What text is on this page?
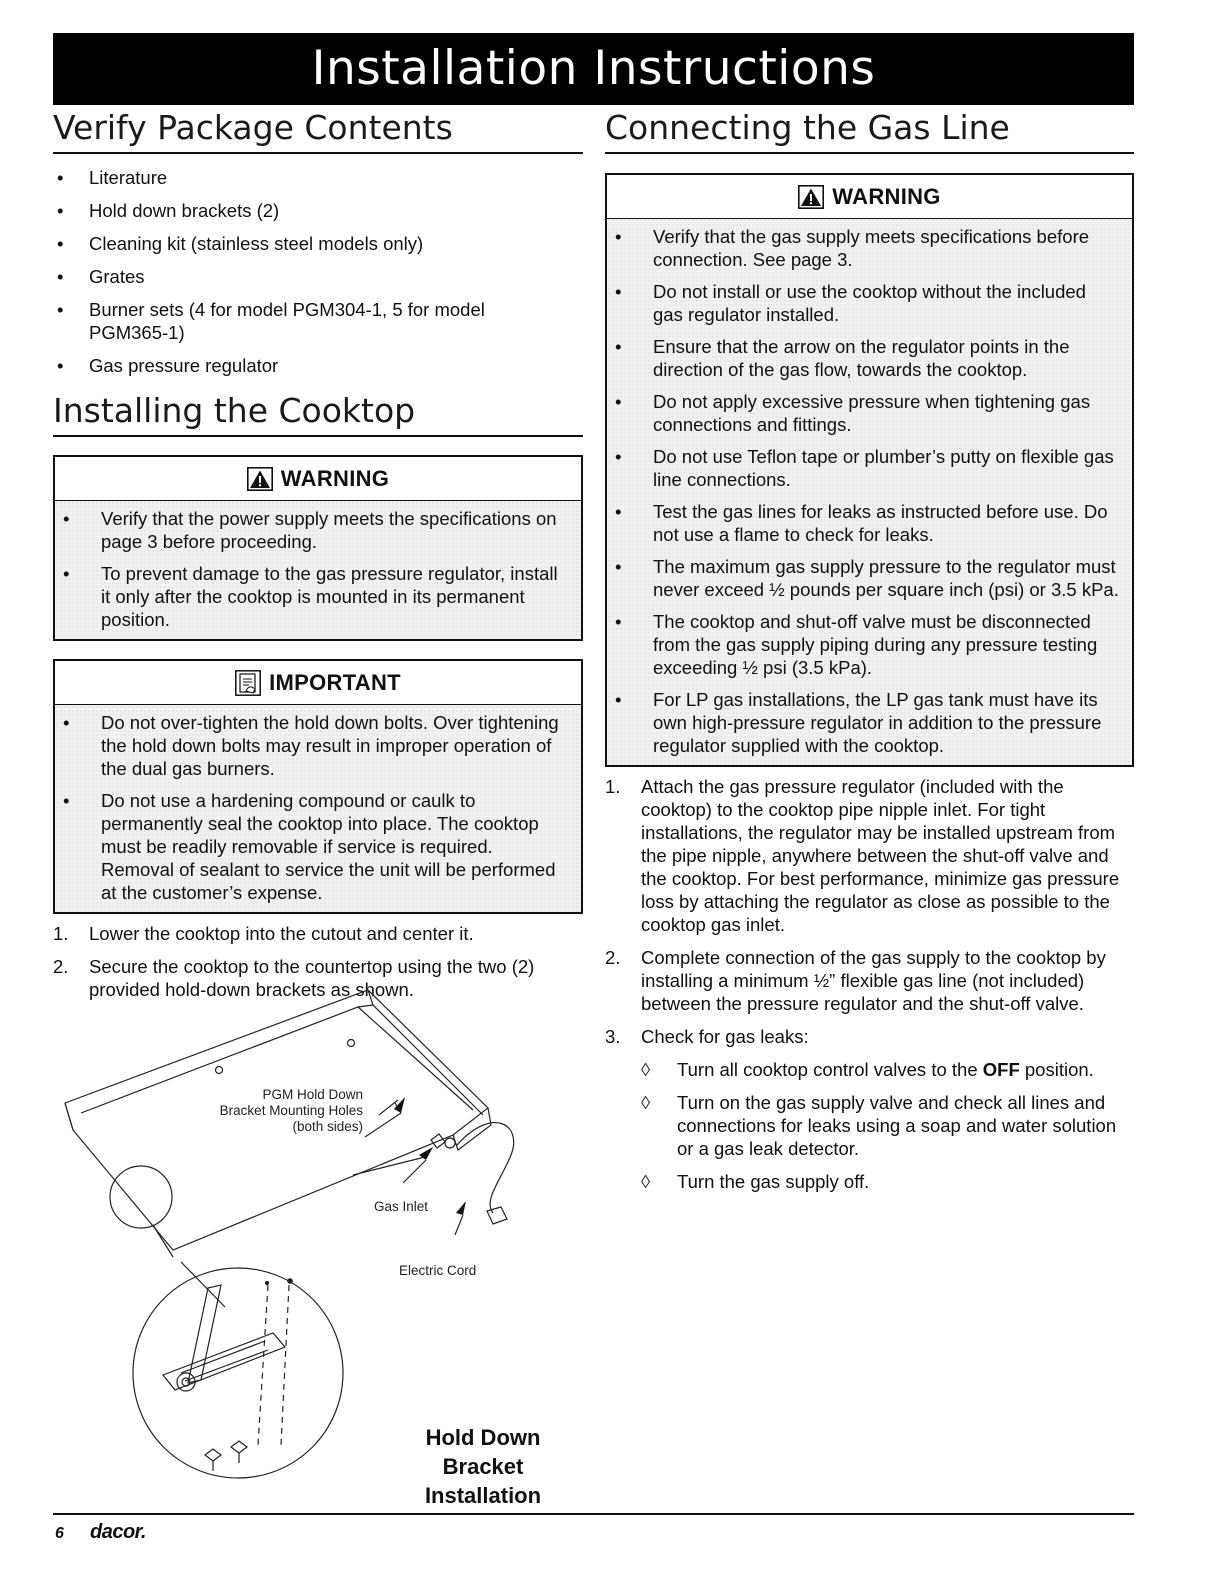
Installation Instructions
Verify Package Contents
• Literature
• Hold down brackets (2)
• Cleaning kit (stainless steel models only)
• Grates
• Burner sets (4 for model PGM304-1, 5 for model PGM365-1)
• Gas pressure regulator
Installing the Cooktop
WARNING
• Verify that the power supply meets the specifications on page 3 before proceeding.
• To prevent damage to the gas pressure regulator, install it only after the cooktop is mounted in its permanent position.
IMPORTANT
• Do not over-tighten the hold down bolts. Over tightening the hold down bolts may result in improper operation of the dual gas burners.
• Do not use a hardening compound or caulk to permanently seal the cooktop into place. The cooktop must be readily removable if service is required. Removal of sealant to service the unit will be performed at the customer’s expense.
1. Lower the cooktop into the cutout and center it.
2. Secure the cooktop to the countertop using the two (2) provided hold-down brackets as shown.
PGM Hold Down
Bracket Mounting Holes
(both sides)
Gas Inlet
Electric Cord
Hold Down
Bracket Installation
Connecting the Gas Line
WARNING
• Verify that the gas supply meets specifications before connection. See page 3.
• Do not install or use the cooktop without the included gas regulator installed.
• Ensure that the arrow on the regulator points in the direction of the gas flow, towards the cooktop.
• Do not apply excessive pressure when tightening gas connections and fittings.
• Do not use Teflon tape or plumber’s putty on flexible gas line connections.
• Test the gas lines for leaks as instructed before use. Do not use a flame to check for leaks.
• The maximum gas supply pressure to the regulator must never exceed ½ pounds per square inch (psi) or 3.5 kPa.
• The cooktop and shut-off valve must be disconnected from the gas supply piping during any pressure testing exceeding ½ psi (3.5 kPa).
• For LP gas installations, the LP gas tank must have its own high-pressure regulator in addition to the pressure regulator supplied with the cooktop.
1. Attach the gas pressure regulator (included with the cooktop) to the cooktop pipe nipple inlet. For tight installations, the regulator may be installed upstream from the pipe nipple, anywhere between the shut-off valve and the cooktop. For best performance, minimize gas pressure loss by attaching the regulator as close as possible to the cooktop gas inlet.
2. Complete connection of the gas supply to the cooktop by installing a minimum ½” flexible gas line (not included) between the pressure regulator and the shut-off valve.
3. Check for gas leaks:
◊ Turn all cooktop control valves to the OFF position.
◊ Turn on the gas supply valve and check all lines and connections for leaks using a soap and water solution or a gas leak detector.
◊ Turn the gas supply off.
6 dacor.
